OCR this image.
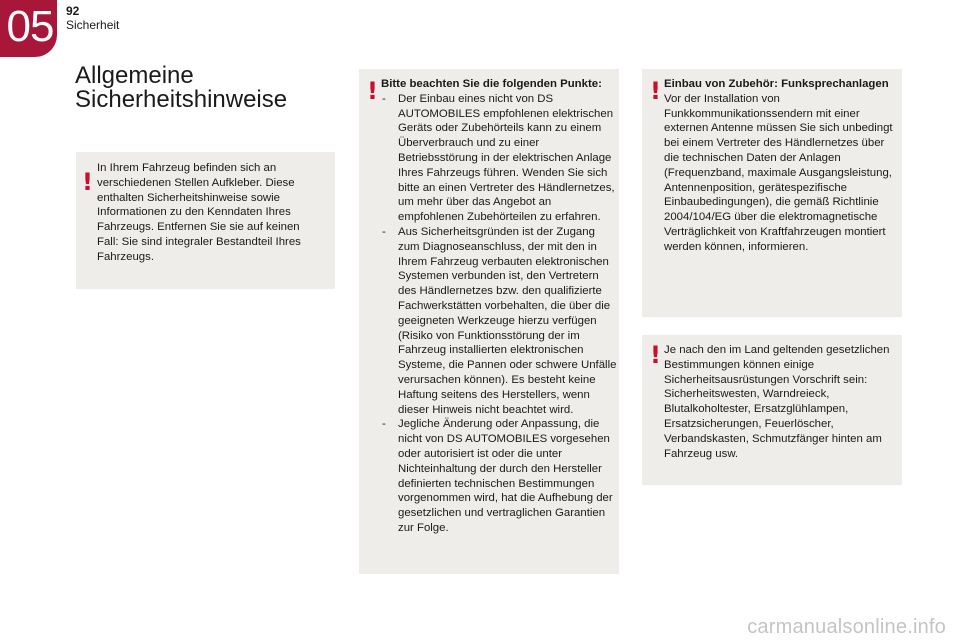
05	92
Sicherheit
Allgemeine
Sicherheitshinweise
! In Ihrem Fahrzeug befinden sich an verschiedenen Stellen Aufkleber. Diese enthalten Sicherheitshinweise sowie Informationen zu den Kenndaten Ihres Fahrzeugs. Entfernen Sie sie auf keinen Fall: Sie sind integraler Bestandteil Ihres Fahrzeugs.

! Bitte beachten Sie die folgenden Punkte:

- Der Einbau eines nicht von DS AUTOMOBILES empfohlenen elektrischen Geräts oder Zubehörteils kann zu einem Überverbrauch und zu einer Betriebsstörung in der elektrischen Anlage Ihres Fahrzeugs führen. Wenden Sie sich bitte an einen Vertreter des Händlernetzes, um mehr über das Angebot an empfohlenen Zubehörteilen zu erfahren.
- Aus Sicherheitsgründen ist der Zugang zum Diagnoseanschluss, der mit den in Ihrem Fahrzeug verbauten elektronischen Systemen verbunden ist, den Vertretern des Händlernetzes bzw. den qualifizierte Fachwerkstätten vorbehalten, die über die geeigneten Werkzeuge hierzu verfügen (Risiko von Funktionsstörung der im Fahrzeug installierten elektronischen Systeme, die Pannen oder schwere Unfälle verursachen können). Es besteht keine Haftung seitens des Herstellers, wenn dieser Hinweis nicht beachtet wird.
- Jegliche Änderung oder Anpassung, die nicht von DS AUTOMOBILES vorgesehen oder autorisiert ist oder die unter Nichteinhaltung der durch den Hersteller definierten technischen Bestimmungen vorgenommen wird, hat die Aufhebung der gesetzlichen und vertraglichen Garantien zur Folge.
! Einbau von Zubehör: Funksprechanlagen

Vor der Installation von Funkkommunikationssendern mit einer externen Antenne müssen Sie sich unbedingt bei einem Vertreter des Händlernetzes über die technischen Daten der Anlagen (Frequenzband, maximale Ausgangsleistung, Antennenposition, gerätespezifische Einbaubedingungen), die gemäß Richtlinie 2004/104/EG über die elektromagnetische Verträglichkeit von Kraftfahrzeugen montiert werden können, informieren.

! Je nach den im Land geltenden gesetzlichen Bestimmungen können einige Sicherheitsausrüstungen Vorschrift sein: Sicherheitswesten, Warndreieck, Blutalkoholtester, Ersatzglühlampen, Ersatzsicherungen, Feuerlöscher, Verbandskasten, Schmutzfänger hinten am Fahrzeug usw.

carmanualsonline.info
